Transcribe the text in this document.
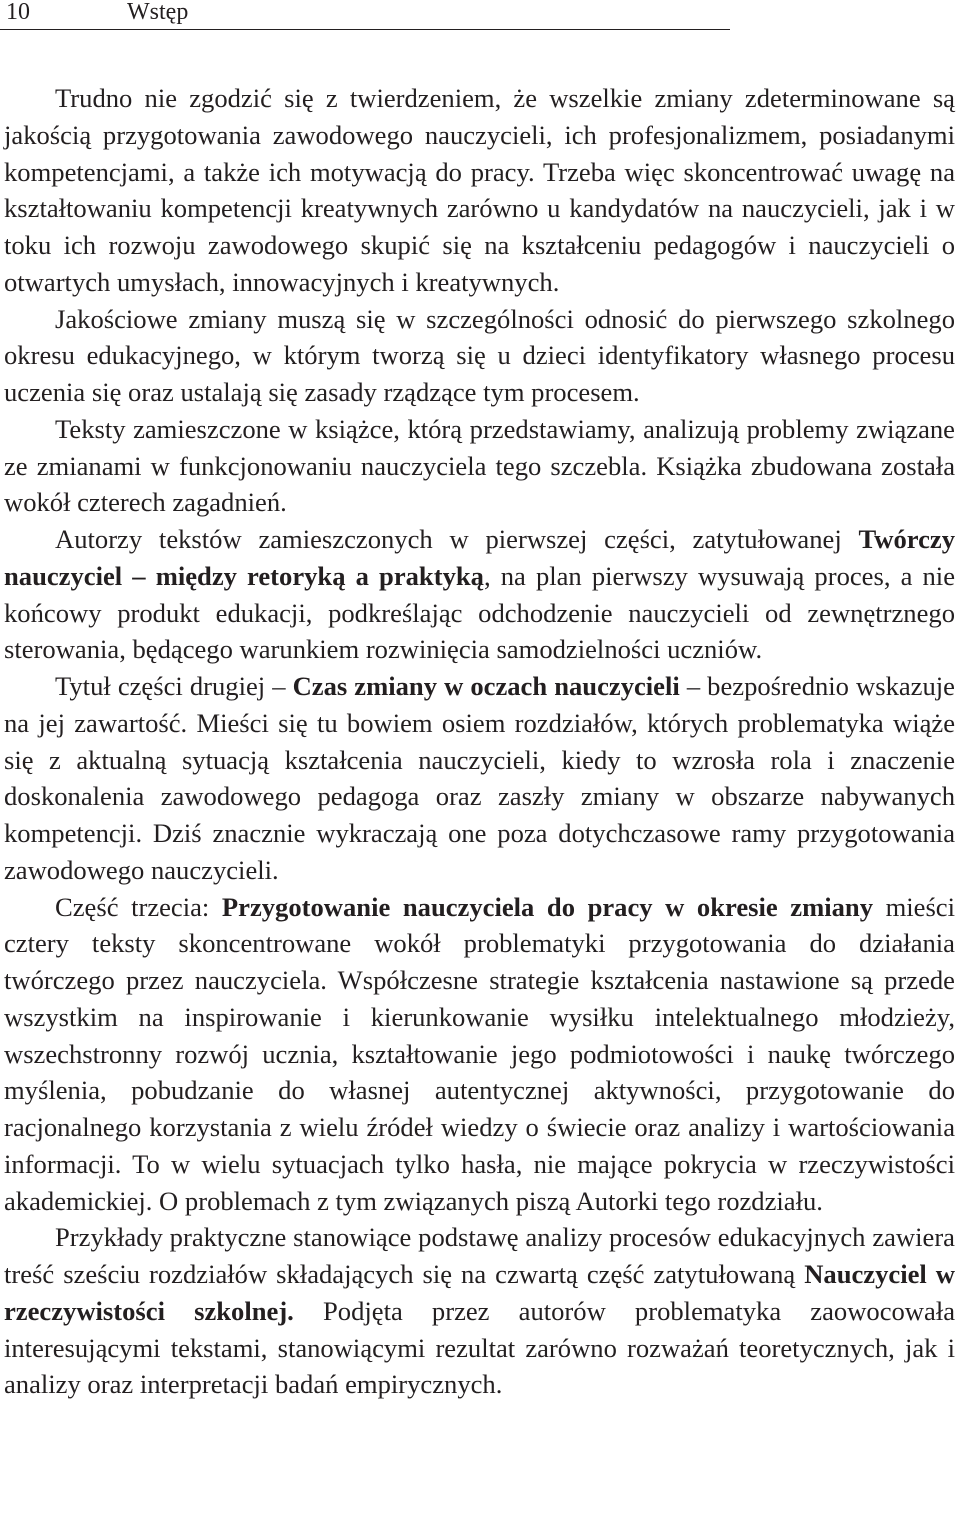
10	Wstęp

Trudno nie zgodzić się z twierdzeniem, że wszelkie zmiany zdeterminowane są jakością przygotowania zawodowego nauczycieli, ich profesjonalizmem, posiadanymi kompetencjami, a także ich motywacją do pracy. Trzeba więc skoncentrować uwagę na kształtowaniu kompetencji kreatywnych zarówno u kandydatów na nauczycieli, jak i w toku ich rozwoju zawodowego skupić się na kształceniu pedagogów i nauczycieli o otwartych umysłach, innowacyjnych i kreatywnych.

Jakościowe zmiany muszą się w szczególności odnosić do pierwszego szkolnego okresu edukacyjnego, w którym tworzą się u dzieci identyfikatory własnego procesu uczenia się oraz ustalają się zasady rządzące tym procesem.

Teksty zamieszczone w książce, którą przedstawiamy, analizują problemy związane ze zmianami w funkcjonowaniu nauczyciela tego szczebla. Książka zbudowana została wokół czterech zagadnień.

Autorzy tekstów zamieszczonych w pierwszej części, zatytułowanej Twórczy nauczyciel – między retoryką a praktyką, na plan pierwszy wysuwają proces, a nie końcowy produkt edukacji, podkreślając odchodzenie nauczycieli od zewnętrznego sterowania, będącego warunkiem rozwinięcia samodzielności uczniów.

Tytuł części drugiej – Czas zmiany w oczach nauczycieli – bezpośrednio wskazuje na jej zawartość. Mieści się tu bowiem osiem rozdziałów, których problematyka wiąże się z aktualną sytuacją kształcenia nauczycieli, kiedy to wzrosła rola i znaczenie doskonalenia zawodowego pedagoga oraz zaszły zmiany w obszarze nabywanych kompetencji. Dziś znacznie wykraczają one poza dotychczasowe ramy przygotowania zawodowego nauczycieli.

Część trzecia: Przygotowanie nauczyciela do pracy w okresie zmiany mieści cztery teksty skoncentrowane wokół problematyki przygotowania do działania twórczego przez nauczyciela. Współczesne strategie kształcenia nastawione są przede wszystkim na inspirowanie i kierunkowanie wysiłku intelektualnego młodzieży, wszechstronny rozwój ucznia, kształtowanie jego podmiotowości i naukę twórczego myślenia, pobudzanie do własnej autentycznej aktywności, przygotowanie do racjonalnego korzystania z wielu źródeł wiedzy o świecie oraz analizy i wartościowania informacji. To w wielu sytuacjach tylko hasła, nie mające pokrycia w rzeczywistości akademickiej. O problemach z tym związanych piszą Autorki tego rozdziału.

Przykłady praktyczne stanowiące podstawę analizy procesów edukacyjnych zawiera treść sześciu rozdziałów składających się na czwartą część zatytułowaną Nauczyciel w rzeczywistości szkolnej. Podjęta przez autorów problematyka zaowocowała interesującymi tekstami, stanowiącymi rezultat zarówno rozważań teoretycznych, jak i analizy oraz interpretacji badań empirycznych.
